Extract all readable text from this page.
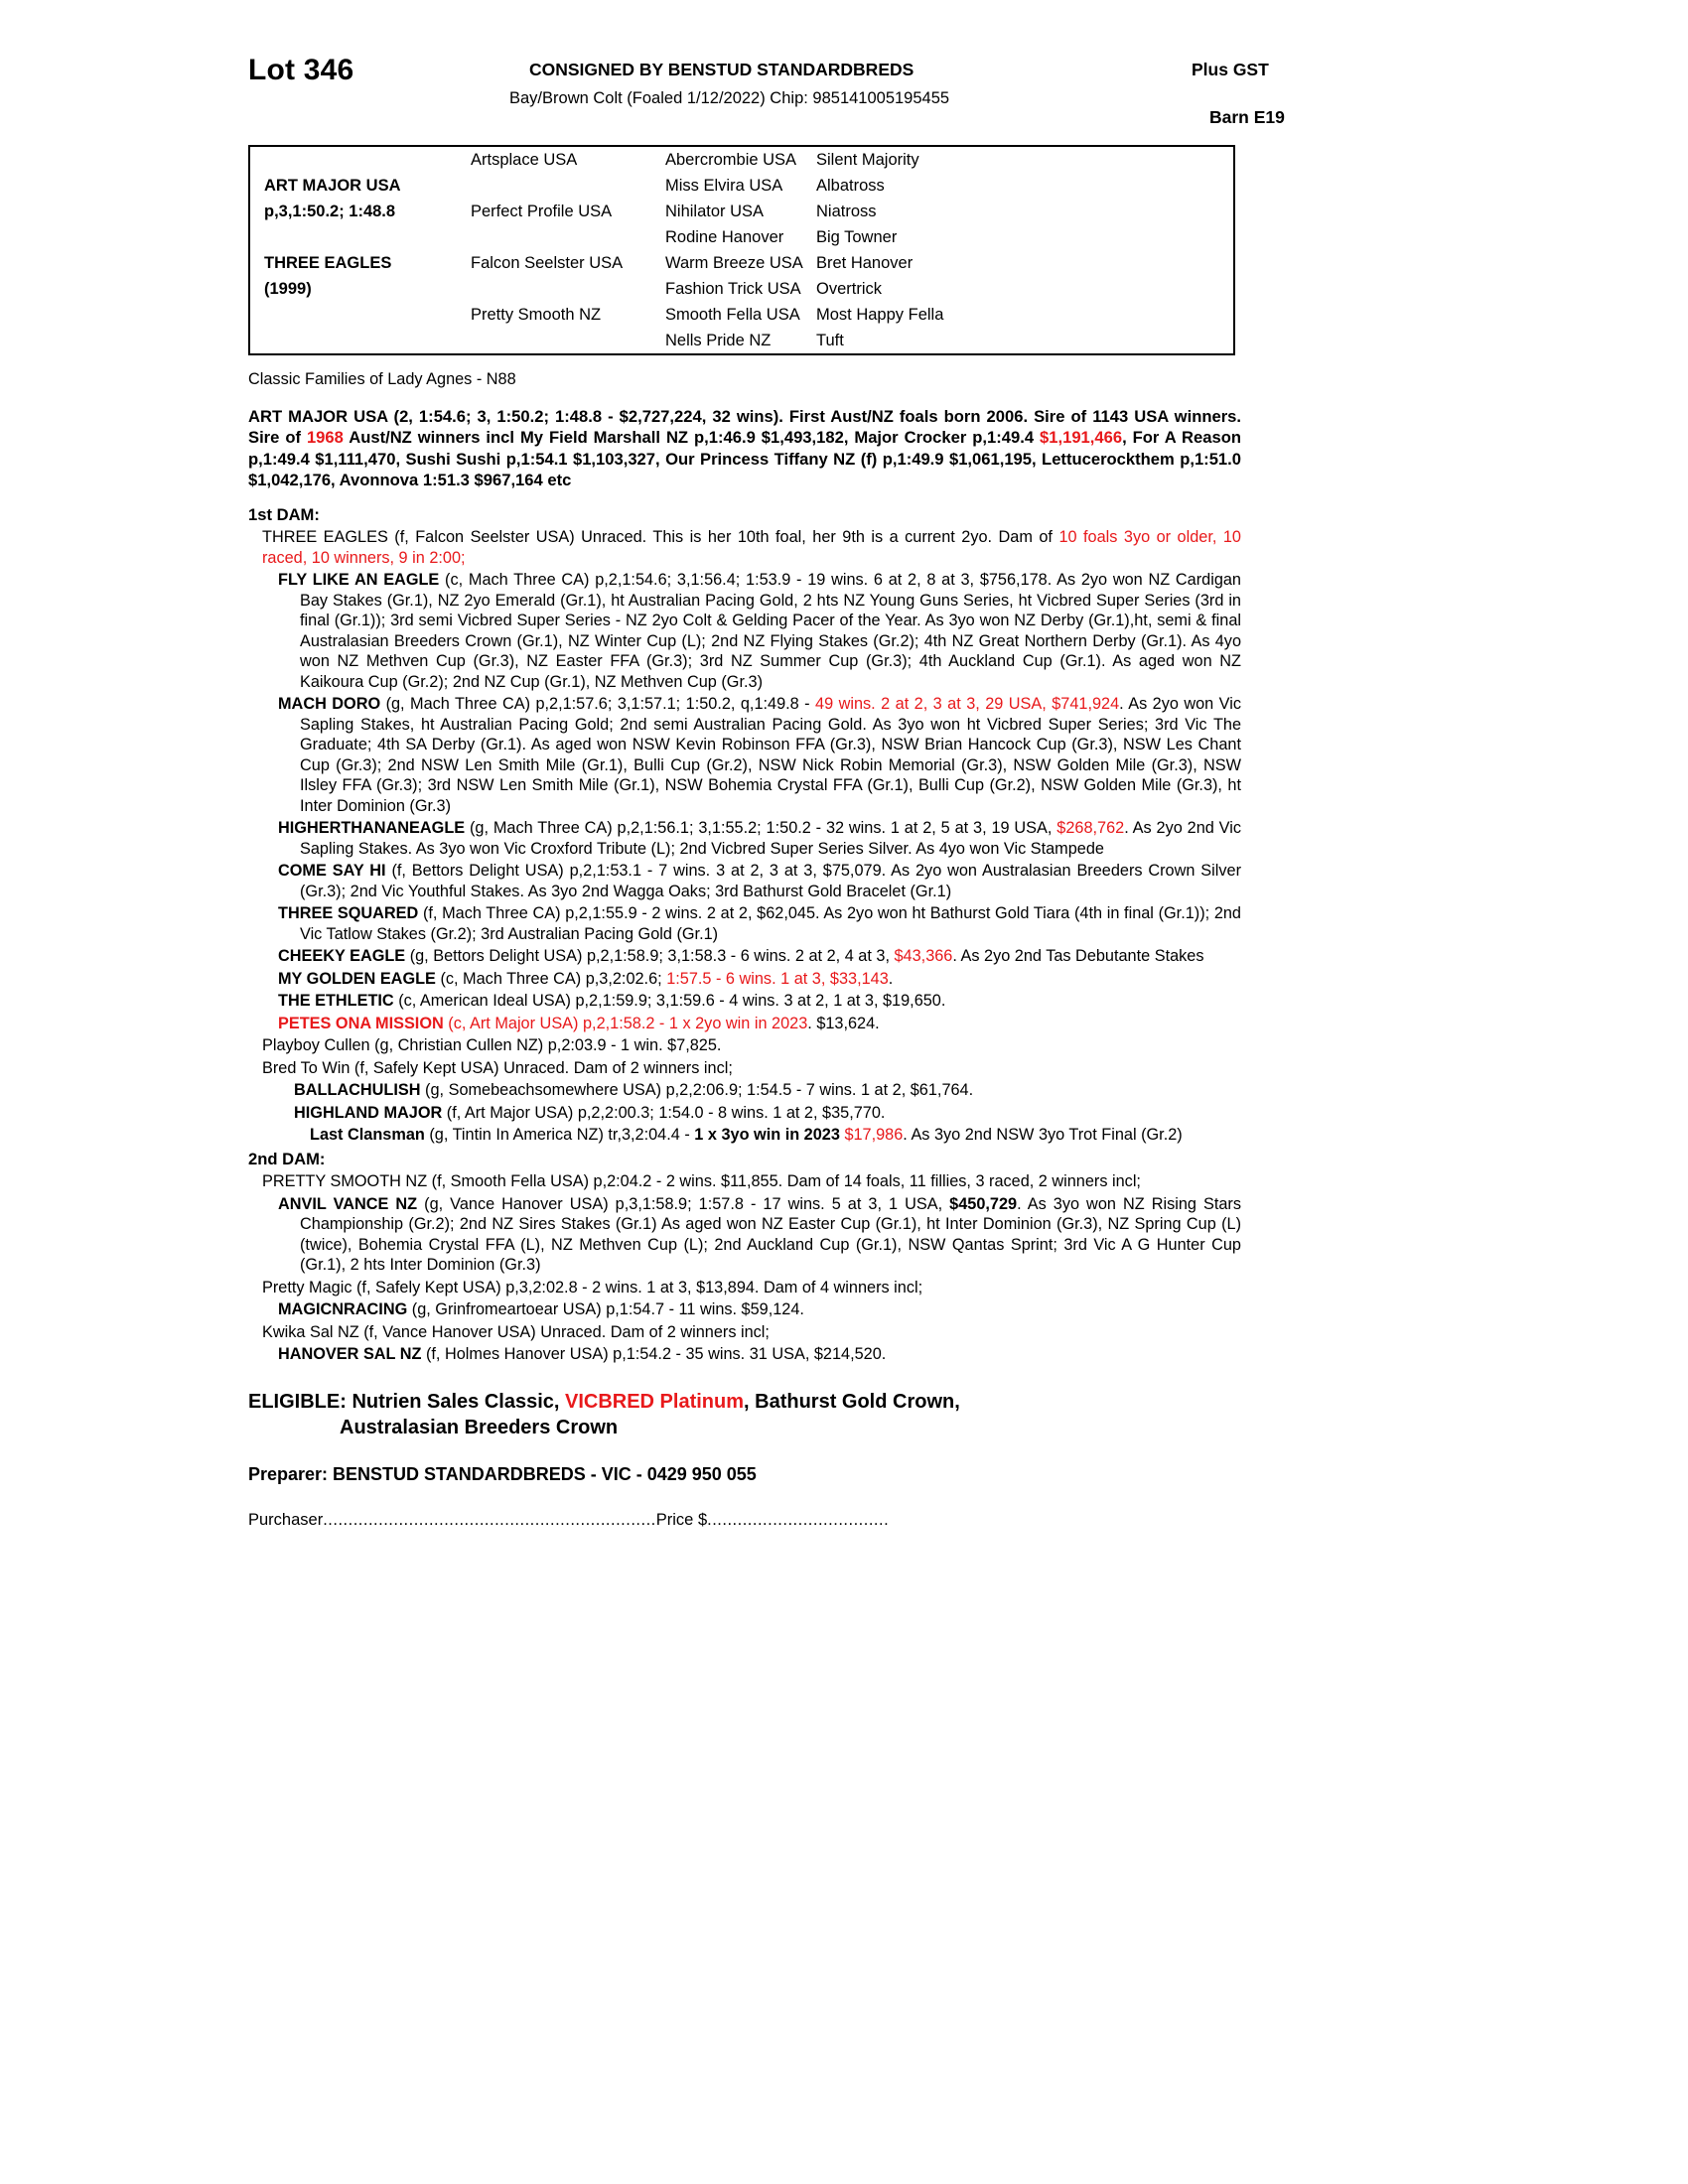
Lot 346	CONSIGNED BY BENSTUD STANDARDBREDS
Bay/Brown Colt (Foaled 1/12/2022) Chip: 985141005195455
Plus GST
Barn E19
ART MAJOR USA
p,3,1:50.2; 1:48.8
THREE EAGLES
(1999)
Artsplace USA
Perfect Profile USA
Falcon Seelster USA
Pretty Smooth NZ
Abercrombie USA
Miss Elvira USA
Nihilator USA
Rodine Hanover
Warm Breeze USA
Fashion Trick USA
Smooth Fella USA
Nells Pride NZ
Silent Majority
Albatross
Niatross
Big Towner
Bret Hanover
Overtrick
Most Happy Fella
Tuft
Classic Families of Lady Agnes - N88
ART MAJOR USA (2, 1:54.6; 3, 1:50.2; 1:48.8 - $2,727,224, 32 wins). First Aust/NZ foals born 2006. Sire of 1143 USA winners. Sire of 1968 Aust/NZ winners incl My Field Marshall NZ p,1:46.9 $1,493,182, Major Crocker p,1:49.4 $1,191,466, For A Reason p,1:49.4 $1,111,470, Sushi Sushi p,1:54.1 $1,103,327, Our Princess Tiffany NZ (f) p,1:49.9 $1,061,195, Lettucerockthem p,1:51.0 $1,042,176, Avonnova 1:51.3 $967,164 etc
1st DAM:
THREE EAGLES (f, Falcon Seelster USA) Unraced. This is her 10th foal, her 9th is a current 2yo. Dam of 10 foals 3yo or older, 10 raced, 10 winners, 9 in 2:00;
FLY LIKE AN EAGLE (c, Mach Three CA) p,2,1:54.6; 3,1:56.4; 1:53.9 - 19 wins. 6 at 2, 8 at 3, $756,178. As 2yo won NZ Cardigan Bay Stakes (Gr.1), NZ 2yo Emerald (Gr.1), ht Australian Pacing Gold, 2 hts NZ Young Guns Series, ht Vicbred Super Series (3rd in final (Gr.1)); 3rd semi Vicbred Super Series - NZ 2yo Colt & Gelding Pacer of the Year. As 3yo won NZ Derby (Gr.1),ht, semi & final Australasian Breeders Crown (Gr.1), NZ Winter Cup (L); 2nd NZ Flying Stakes (Gr.2); 4th NZ Great Northern Derby (Gr.1). As 4yo won NZ Methven Cup (Gr.3), NZ Easter FFA (Gr.3); 3rd NZ Summer Cup (Gr.3); 4th Auckland Cup (Gr.1). As aged won NZ Kaikoura Cup (Gr.2); 2nd NZ Cup (Gr.1), NZ Methven Cup (Gr.3)
MACH DORO (g, Mach Three CA) p,2,1:57.6; 3,1:57.1; 1:50.2, q,1:49.8 - 49 wins. 2 at 2, 3 at 3, 29 USA, $741,924. As 2yo won Vic Sapling Stakes, ht Australian Pacing Gold; 2nd semi Australian Pacing Gold. As 3yo won ht Vicbred Super Series; 3rd Vic The Graduate; 4th SA Derby (Gr.1). As aged won NSW Kevin Robinson FFA (Gr.3), NSW Brian Hancock Cup (Gr.3), NSW Les Chant Cup (Gr.3); 2nd NSW Len Smith Mile (Gr.1), Bulli Cup (Gr.2), NSW Nick Robin Memorial (Gr.3), NSW Golden Mile (Gr.3), NSW Ilsley FFA (Gr.3); 3rd NSW Len Smith Mile (Gr.1), NSW Bohemia Crystal FFA (Gr.1), Bulli Cup (Gr.2), NSW Golden Mile (Gr.3), ht Inter Dominion (Gr.3)
HIGHERTHANANEAGLE (g, Mach Three CA) p,2,1:56.1; 3,1:55.2; 1:50.2 - 32 wins. 1 at 2, 5 at 3, 19 USA, $268,762. As 2yo 2nd Vic Sapling Stakes. As 3yo won Vic Croxford Tribute (L); 2nd Vicbred Super Series Silver. As 4yo won Vic Stampede
COME SAY HI (f, Bettors Delight USA) p,2,1:53.1 - 7 wins. 3 at 2, 3 at 3, $75,079. As 2yo won Australasian Breeders Crown Silver (Gr.3); 2nd Vic Youthful Stakes. As 3yo 2nd Wagga Oaks; 3rd Bathurst Gold Bracelet (Gr.1)
THREE SQUARED (f, Mach Three CA) p,2,1:55.9 - 2 wins. 2 at 2, $62,045. As 2yo won ht Bathurst Gold Tiara (4th in final (Gr.1)); 2nd Vic Tatlow Stakes (Gr.2); 3rd Australian Pacing Gold (Gr.1)
CHEEKY EAGLE (g, Bettors Delight USA) p,2,1:58.9; 3,1:58.3 - 6 wins. 2 at 2, 4 at 3, $43,366. As 2yo 2nd Tas Debutante Stakes
MY GOLDEN EAGLE (c, Mach Three CA) p,3,2:02.6; 1:57.5 - 6 wins. 1 at 3, $33,143.
THE ETHLETIC (c, American Ideal USA) p,2,1:59.9; 3,1:59.6 - 4 wins. 3 at 2, 1 at 3, $19,650.
PETES ONA MISSION (c, Art Major USA) p,2,1:58.2 - 1 x 2yo win in 2023. $13,624.
Playboy Cullen (g, Christian Cullen NZ) p,2:03.9 - 1 win. $7,825.
Bred To Win (f, Safely Kept USA) Unraced. Dam of 2 winners incl;
BALLACHULISH (g, Somebeachsomewhere USA) p,2,2:06.9; 1:54.5 - 7 wins. 1 at 2, $61,764.
HIGHLAND MAJOR (f, Art Major USA) p,2,2:00.3; 1:54.0 - 8 wins. 1 at 2, $35,770.
Last Clansman (g, Tintin In America NZ) tr,3,2:04.4 - 1 x 3yo win in 2023 $17,986. As 3yo 2nd NSW 3yo Trot Final (Gr.2)
2nd DAM:
PRETTY SMOOTH NZ (f, Smooth Fella USA) p,2:04.2 - 2 wins. $11,855. Dam of 14 foals, 11 fillies, 3 raced, 2 winners incl;
ANVIL VANCE NZ (g, Vance Hanover USA) p,3,1:58.9; 1:57.8 - 17 wins. 5 at 3, 1 USA, $450,729. As 3yo won NZ Rising Stars Championship (Gr.2); 2nd NZ Sires Stakes (Gr.1) As aged won NZ Easter Cup (Gr.1), ht Inter Dominion (Gr.3), NZ Spring Cup (L) (twice), Bohemia Crystal FFA (L), NZ Methven Cup (L); 2nd Auckland Cup (Gr.1), NSW Qantas Sprint; 3rd Vic A G Hunter Cup (Gr.1), 2 hts Inter Dominion (Gr.3)
Pretty Magic (f, Safely Kept USA) p,3,2:02.8 - 2 wins. 1 at 3, $13,894. Dam of 4 winners incl;
MAGICNRACING (g, Grinfromeartoear USA) p,1:54.7 - 11 wins. $59,124.
Kwika Sal NZ (f, Vance Hanover USA) Unraced. Dam of 2 winners incl;
HANOVER SAL NZ (f, Holmes Hanover USA) p,1:54.2 - 35 wins. 31 USA, $214,520.
ELIGIBLE: Nutrien Sales Classic, VICBRED Platinum, Bathurst Gold Crown,
Australasian Breeders Crown
Preparer: BENSTUD STANDARDBREDS - VIC - 0429 950 055
Purchaser..................................................................Price $....................................
